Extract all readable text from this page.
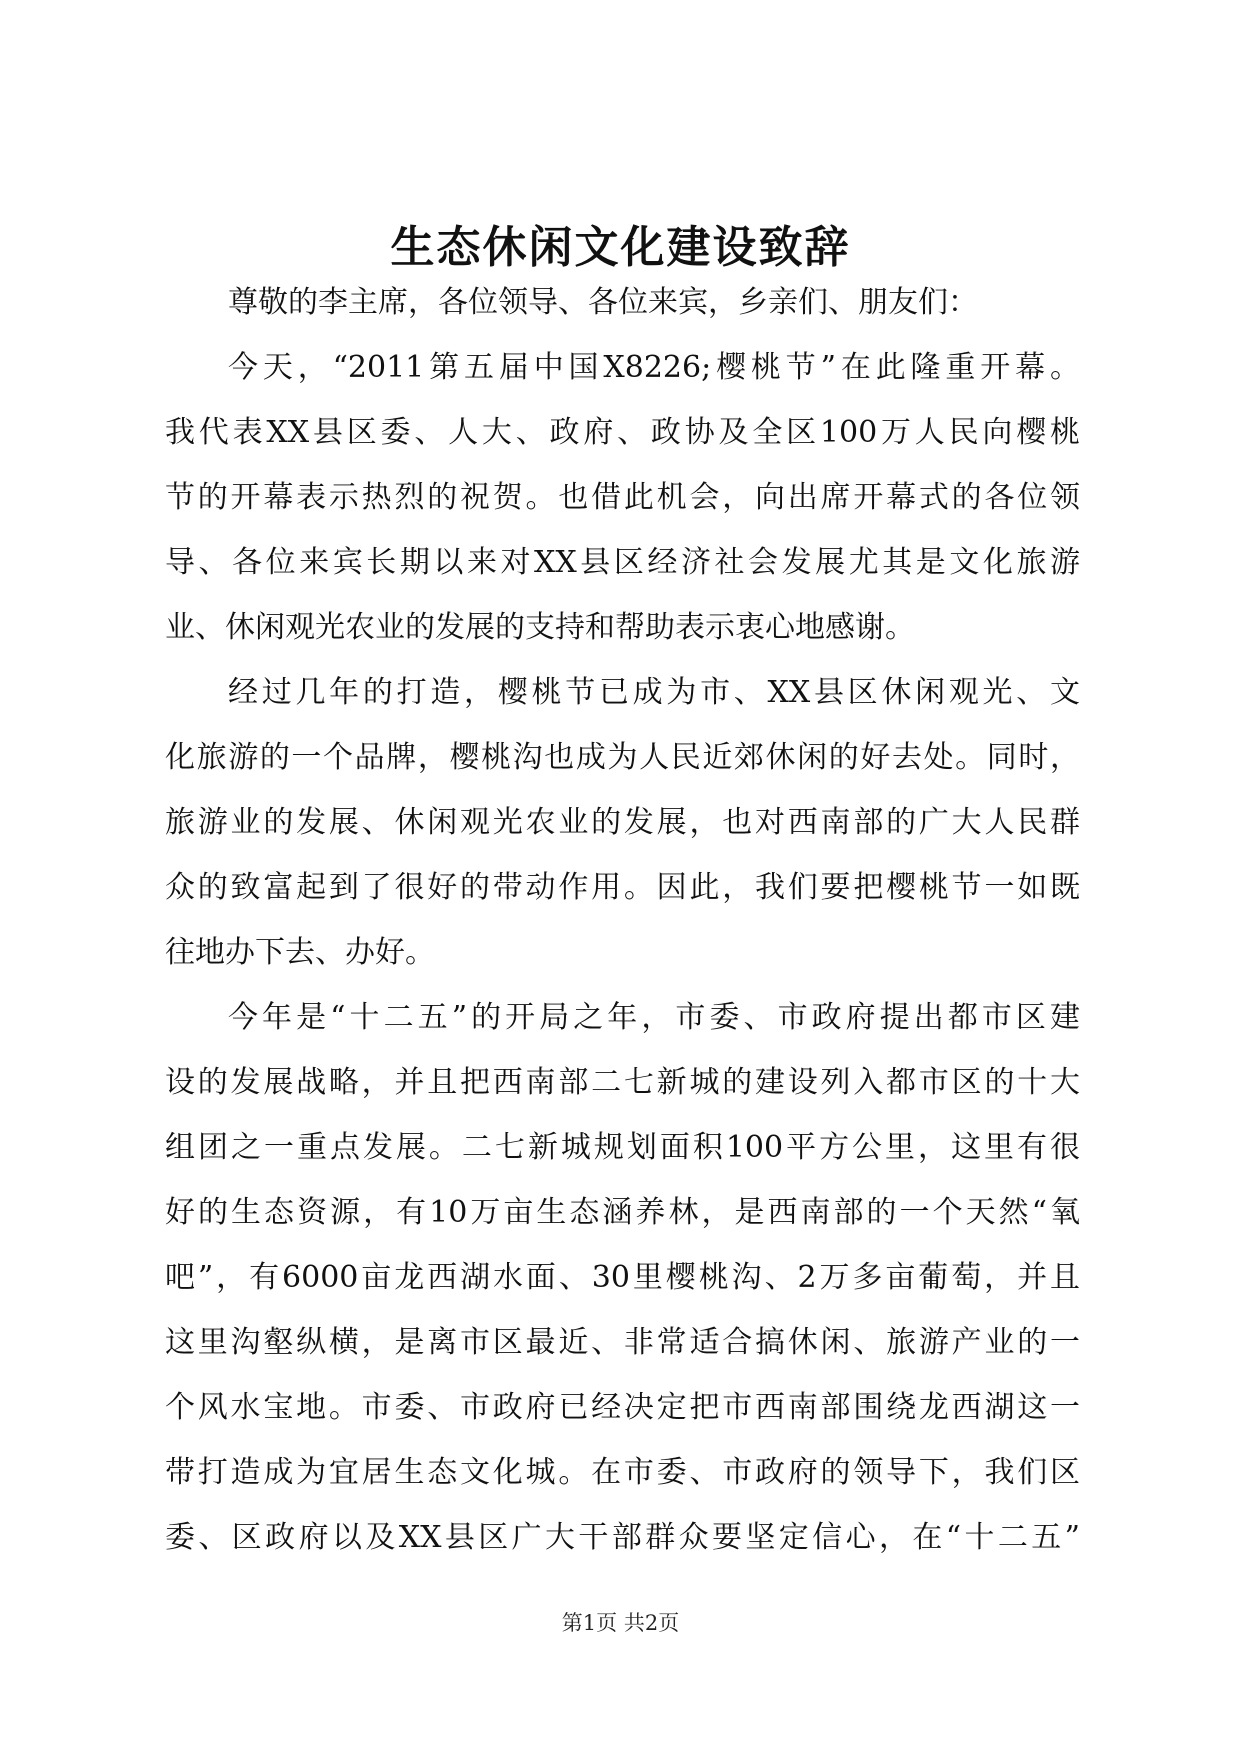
生态休闲文化建设致辞
尊敬的李主席，各位领导、各位来宾，乡亲们、朋友们：
今天，“2011第五届中国X8226;樱桃节”在此隆重开幕。
我代表XX县区委、人大、政府、政协及全区100万人民向樱桃
节的开幕表示热烈的祝贺。也借此机会，向出席开幕式的各位领
导、各位来宾长期以来对XX县区经济社会发展尤其是文化旅游
业、休闲观光农业的发展的支持和帮助表示衷心地感谢。
经过几年的打造，樱桃节已成为市、XX县区休闲观光、文
化旅游的一个品牌，樱桃沟也成为人民近郊休闲的好去处。同时，
旅游业的发展、休闲观光农业的发展，也对西南部的广大人民群
众的致富起到了很好的带动作用。因此，我们要把樱桃节一如既
往地办下去、办好。
今年是“十二五”的开局之年，市委、市政府提出都市区建
设的发展战略，并且把西南部二七新城的建设列入都市区的十大
组团之一重点发展。二七新城规划面积100平方公里，这里有很
好的生态资源，有10万亩生态涵养林，是西南部的一个天然“氧
吧”，有6000亩龙西湖水面、30里樱桃沟、2万多亩葡萄，并且
这里沟壑纵横，是离市区最近、非常适合搞休闲、旅游产业的一
个风水宝地。市委、市政府已经决定把市西南部围绕龙西湖这一
带打造成为宜居生态文化城。在市委、市政府的领导下，我们区
委、区政府以及XX县区广大干部群众要坚定信心，在“十二五”
第1页 共2页
